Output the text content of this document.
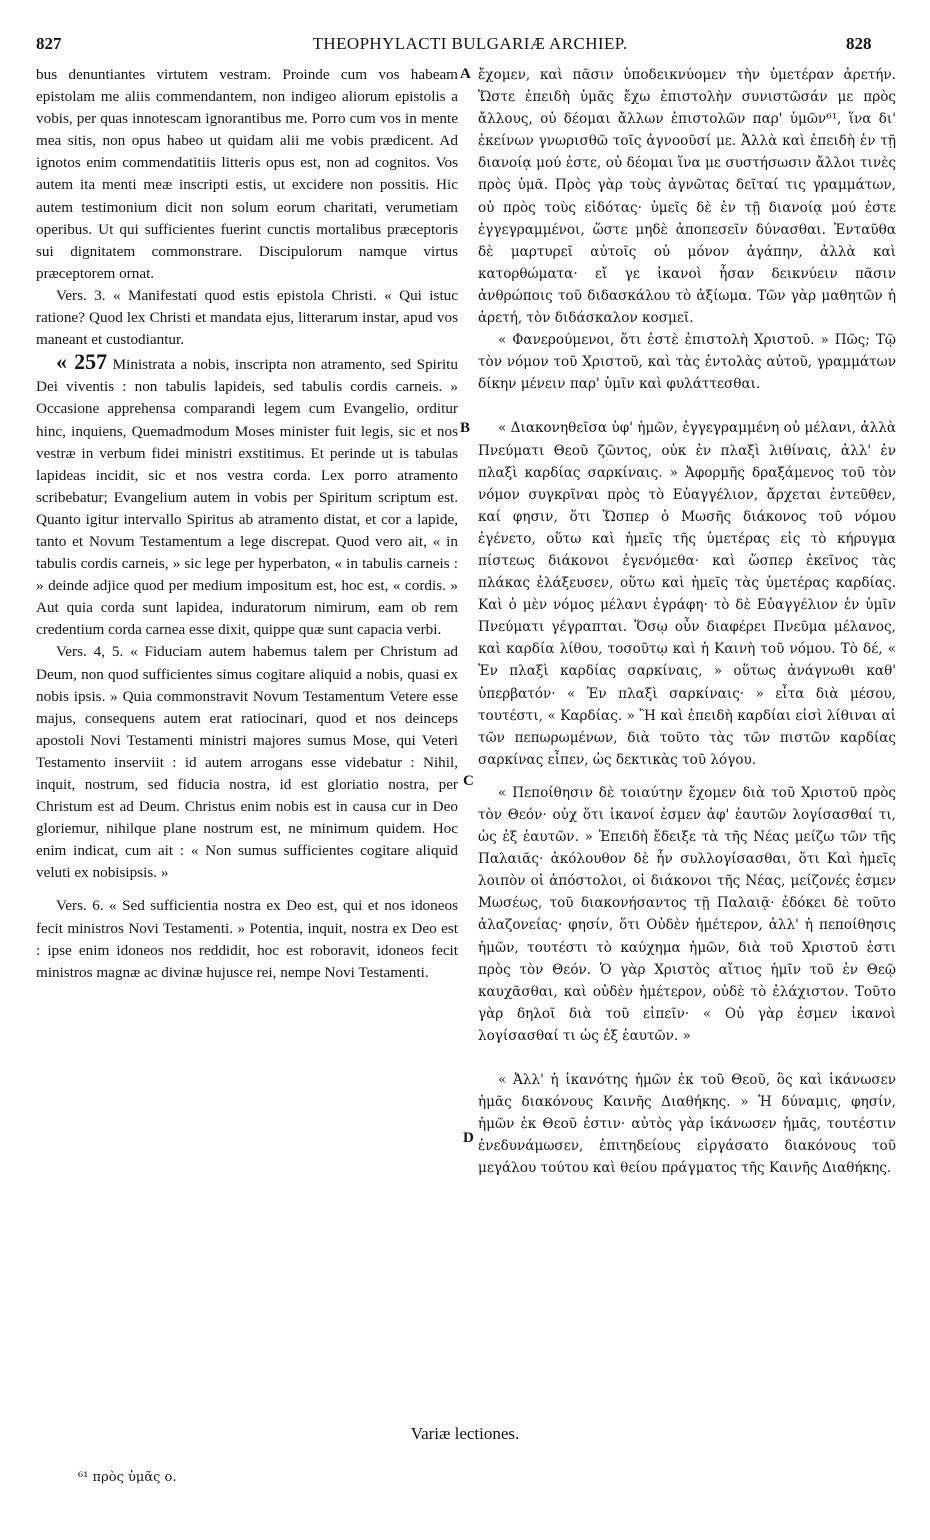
827	THEOPHYLACTI BULGARIÆ ARCHIEP.	828

bus denuntiantes virtutem vestram. Proinde cum vos habeam epistolam me aliis commendantem, non indigeo aliorum epistolis a vobis, per quas innotescam ignorantibus me. Porro cum vos in mente mea sitis, non opus habeo ut quidam alii me vobis prædicent. Ad ignotos enim commendatitiis litteris opus est, non ad cognitos. Vos autem ita menti meæ inscripti estis, ut excidere non possitis. Hic autem testimonium dicit non solum eorum charitati, verumetiam operibus. Ut qui sufficientes fuerint cunctis mortalibus præceptoris sui dignitatem commonstrare. Discipulorum namque virtus præceptorem ornat.

Vers. 3. « Manifestati quod estis epistola Christi. « Qui istuc ratione? Quod lex Christi et mandata ejus, litterarum instar, apud vos maneant et custodiantur.

« 257 Ministrata a nobis, inscripta non atramento, sed Spiritu Dei viventis : non tabulis lapideis, sed tabulis cordis carneis. » Occasione apprehensa comparandi legem cum Evangelio, orditur hinc, inquiens, Quemadmodum Moses minister fuit legis, sic et nos vestræ in verbum fidei ministri exstitimus. Et perinde ut is tabulas lapideas incidit, sic et nos vestra corda. Lex porro atramento scribebatur; Evangelium autem in vobis per Spiritum scriptum est. Quanto igitur intervallo Spiritus ab atramento distat, et cor a lapide, tanto et Novum Testamentum a lege discrepat. Quod vero ait, « in tabulis cordis carneis, » sic lege per hyperbaton, « in tabulis carneis : » deinde adjice quod per medium impositum est, hoc est, « cordis. » Aut quia corda sunt lapidea, induratorum nimirum, eam ob rem credentium corda carnea esse dixit, quippe quæ sunt capacia verbi.

Vers. 4, 5. « Fiduciam autem habemus talem per Christum ad Deum, non quod sufficientes simus cogitare aliquid a nobis, quasi ex nobis ipsis. » Quia commonstravit Novum Testamentum Vetere esse majus, consequens autem erat ratiocinari, quod et nos deinceps apostoli Novi Testamenti ministri majores sumus Mose, qui Veteri Testamento inserviit : id autem arrogans esse videbatur : Nihil, inquit, nostrum, sed fiducia nostra, id est gloriatio nostra, per Christum est ad Deum. Christus enim nobis est in causa cur in Deo gloriemur, nihilque plane nostrum est, ne minimum quidem. Hoc enim indicat, cum ait : « Non sumus sufficientes cogitare aliquid veluti ex nobisipsis. »

Vers. 6. « Sed sufficientia nostra ex Deo est, qui et nos idoneos fecit ministros Novi Testamenti. » Potentia, inquit, nostra ex Deo est : ipse enim idoneos nos reddidit, hoc est roboravit, idoneos fecit ministros magnæ ac divinæ hujusce rei, nempe Novi Testamenti.

A
B
C
D

ἔχομεν, καὶ πᾶσιν ὑποδεικνύομεν τὴν ὑμετέραν ἀρετήν. Ὥστε ἐπειδὴ ὑμᾶς ἔχω ἐπιστολὴν συνιστῶσάν με πρὸς ἄλλους, οὐ δέομαι ἄλλων ἐπιστολῶν παρ' ὑμῶν⁶¹, ἵνα δι' ἐκείνων γνωρισθῶ τοῖς ἀγνοοῦσί με. Ἀλλὰ καὶ ἐπειδὴ ἐν τῇ διανοίᾳ μού ἐστε, οὐ δέομαι ἵνα με συστήσωσιν ἄλλοι τινὲς πρὸς ὑμᾶ. Πρὸς γὰρ τοὺς ἀγνῶτας δεῖταί τις γραμμάτων, οὐ πρὸς τοὺς εἰδότας· ὑμεῖς δὲ ἐν τῇ διανοίᾳ μού ἐστε ἐγγεγραμμένοι, ὥστε μηδὲ ἀποπεσεῖν δύνασθαι. Ἐνταῦθα δὲ μαρτυρεῖ αὐτοῖς οὐ μόνον ἀγάπην, ἀλλὰ καὶ κατορθώματα· εἴ γε ἱκανοὶ ἦσαν δεικνύειν πᾶσιν ἀνθρώποις τοῦ διδασκάλου τὸ ἀξίωμα. Τῶν γὰρ μαθητῶν ἡ ἀρετή, τὸν διδάσκαλον κοσμεῖ.

« Φανερούμενοι, ὅτι ἐστὲ ἐπιστολὴ Χριστοῦ. » Πῶς; Τῷ τὸν νόμον τοῦ Χριστοῦ, καὶ τὰς ἐντολὰς αὐτοῦ, γραμμάτων δίκην μένειν παρ' ὑμῖν καὶ φυλάττεσθαι.

« Διακονηθεῖσα ὑφ' ἡμῶν, ἐγγεγραμμένη οὐ μέλανι, ἀλλὰ Πνεύματι Θεοῦ ζῶντος, οὐκ ἐν πλαξὶ λιθίναις, ἀλλ' ἐν πλαξὶ καρδίας σαρκίναις. » Ἀφορμῆς δραξάμενος τοῦ τὸν νόμον συγκρῖναι πρὸς τὸ Εὐαγγέλιον, ἄρχεται ἐντεῦθεν, καί φησιν, ὅτι Ὥσπερ ὁ Μωσῆς διάκονος τοῦ νόμου ἐγένετο, οὕτω καὶ ἡμεῖς τῆς ὑμετέρας εἰς τὸ κήρυγμα πίστεως διάκονοι ἐγενόμεθα· καὶ ὥσπερ ἐκεῖνος τὰς πλάκας ἐλάξευσεν, οὕτω καὶ ἡμεῖς τὰς ὑμετέρας καρδίας. Καὶ ὁ μὲν νόμος μέλανι ἐγράφη· τὸ δὲ Εὐαγγέλιον ἐν ὑμῖν Πνεύματι γέγραπται. Ὅσῳ οὖν διαφέρει Πνεῦμα μέλανος, καὶ καρδία λίθου, τοσοῦτῳ καὶ ἡ Καινὴ τοῦ νόμου. Τὸ δέ, « Ἐν πλαξὶ καρδίας σαρκίναις, » οὕτως ἀνάγνωθι καθ' ὑπερβατόν· « Ἐν πλαξὶ σαρκίναις· » εἶτα διὰ μέσου, τουτέστι, « Καρδίας. » Ἢ καὶ ἐπειδὴ καρδίαι εἰσὶ λίθιναι αἱ τῶν πεπωρωμένων, διὰ τοῦτο τὰς τῶν πιστῶν καρδίας σαρκίνας εἶπεν, ὡς δεκτικὰς τοῦ λόγου.

« Πεποίθησιν δὲ τοιαύτην ἔχομεν διὰ τοῦ Χριστοῦ πρὸς τὸν Θεόν· οὐχ ὅτι ἱκανοί ἐσμεν ἀφ' ἑαυτῶν λογίσασθαί τι, ὡς ἐξ ἑαυτῶν. » Ἐπειδὴ ἔδειξε τὰ τῆς Νέας μείζω τῶν τῆς Παλαιᾶς· ἀκόλουθον δὲ ἦν συλλογίσασθαι, ὅτι Καὶ ἡμεῖς λοιπὸν οἱ ἀπόστολοι, οἱ διάκονοι τῆς Νέας, μείζονές ἐσμεν Μωσέως, τοῦ διακονήσαντος τῇ Παλαιᾷ· ἐδόκει δὲ τοῦτο ἀλαζονείας· φησίν, ὅτι Οὐδὲν ἡμέτερον, ἀλλ' ἡ πεποίθησις ἡμῶν, τουτέστι τὸ καύχημα ἡμῶν, διὰ τοῦ Χριστοῦ ἐστι πρὸς τὸν Θεόν. Ὁ γὰρ Χριστὸς αἴτιος ἡμῖν τοῦ ἐν Θεῷ καυχᾶσθαι, καὶ οὐδὲν ἡμέτερον, οὐδὲ τὸ ἐλάχιστον. Τοῦτο γὰρ δηλοῖ διὰ τοῦ εἰπεῖν· « Οὐ γὰρ ἐσμεν ἱκανοὶ λογίσασθαί τι ὡς ἐξ ἑαυτῶν. »

« Ἀλλ' ἡ ἱκανότης ἡμῶν ἐκ τοῦ Θεοῦ, ὃς καὶ ἱκάνωσεν ἡμᾶς διακόνους Καινῆς Διαθήκης. » Ἡ δύναμις, φησίν, ἡμῶν ἐκ Θεοῦ ἐστιν· αὐτὸς γὰρ ἱκάνωσεν ἡμᾶς, τουτέστιν ἐνεδυνάμωσεν, ἐπιτηδείους εἰργάσατο διακόνους τοῦ μεγάλου τούτου καὶ θείου πράγματος τῆς Καινῆς Διαθήκης.

Variæ lectiones.
⁶¹ πρὸς ὑμᾶς ο.
